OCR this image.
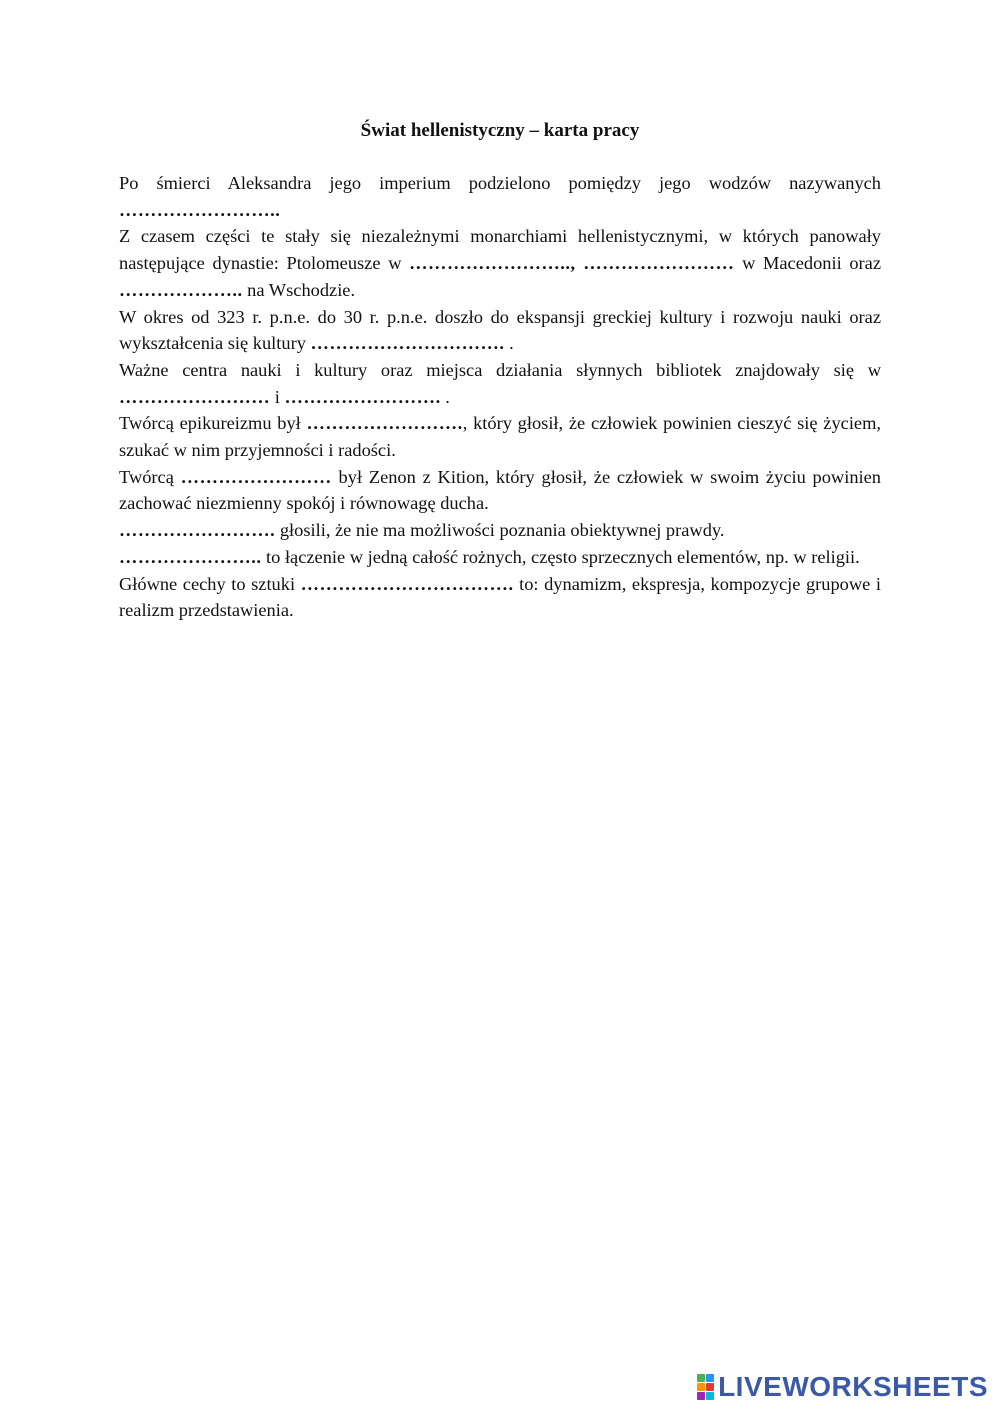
Świat hellenistyczny – karta pracy

Po śmierci Aleksandra jego imperium podzielono pomiędzy jego wodzów nazywanych ……………………..

Z czasem części te stały się niezależnymi monarchiami hellenistycznymi, w których panowały następujące dynastie: Ptolomeusze w …………………….., …………………… w Macedonii oraz ……………….. na Wschodzie.

W okres od 323 r. p.n.e. do 30 r. p.n.e. doszło do ekspansji greckiej kultury i rozwoju nauki oraz wykształcenia się kultury …………………………. .

Ważne centra nauki i kultury oraz miejsca działania słynnych bibliotek znajdowały się w …………………… i ……………………. .

Twórcą epikureizmu był ……………………., który głosił, że człowiek powinien cieszyć się życiem, szukać w nim przyjemności i radości.

Twórcą …………………… był Zenon z Kition, który głosił, że człowiek w swoim życiu powinien zachować niezmienny spokój i równowagę ducha.

……………………. głosili, że nie ma możliwości poznania obiektywnej prawdy.

………………….. to łączenie w jedną całość rożnych, często sprzecznych elementów, np. w religii.

Główne cechy to sztuki ……………………………. to: dynamizm, ekspresja, kompozycje grupowe i realizm przedstawienia.

LIVEWORKSHEETS
